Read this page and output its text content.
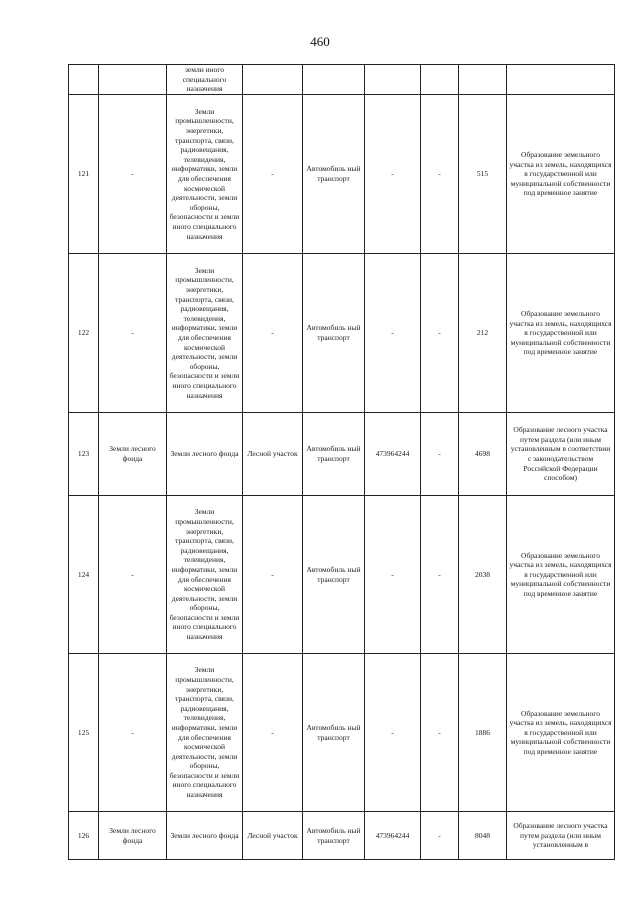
460
		земли иного специального назначения						
121	-	Земли промышленности, энергетики, транспорта, связи, радиовещания, телевидения, информатики, земли для обеспечения космической деятельности, земли обороны, безопасности и земли иного специального назначения	-	Автомобиль ный транспорт	-	-	515	Образование земельного участка из земель, находящихся в государственной или муниципальной собственности под временное занятие
122	-	Земли промышленности, энергетики, транспорта, связи, радиовещания, телевидения, информатики, земли для обеспечения космической деятельности, земли обороны, безопасности и земли иного специального назначения	-	Автомобиль ный транспорт	-	-	212	Образование земельного участка из земель, находящихся в государственной или муниципальной собственности под временное занятие
123	Земли лесного фонда	Земли лесного фонда	Лесной участок	Автомобиль ный транспорт	473964244	-	4698	Образование лесного участка путем раздела (или иным установленным в соответствии с законодательством Российской Федерации способом)
124	-	Земли промышленности, энергетики, транспорта, связи, радиовещания, телевидения, информатики, земли для обеспечения космической деятельности, земли обороны, безопасности и земли иного специального назначения	-	Автомобиль ный транспорт	-	-	2038	Образование земельного участка из земель, находящихся в государственной или муниципальной собственности под временное занятие
125	-	Земли промышленности, энергетики, транспорта, связи, радиовещания, телевидения, информатики, земли для обеспечения космической деятельности, земли обороны, безопасности и земли иного специального назначения	-	Автомобиль ный транспорт	-	-	1886	Образование земельного участка из земель, находящихся в государственной или муниципальной собственности под временное занятие
126	Земли лесного фонда	Земли лесного фонда	Лесной участок	Автомобиль ный транспорт	473964244	-	8048	Образование лесного участка путем раздела (или иным установленным в
